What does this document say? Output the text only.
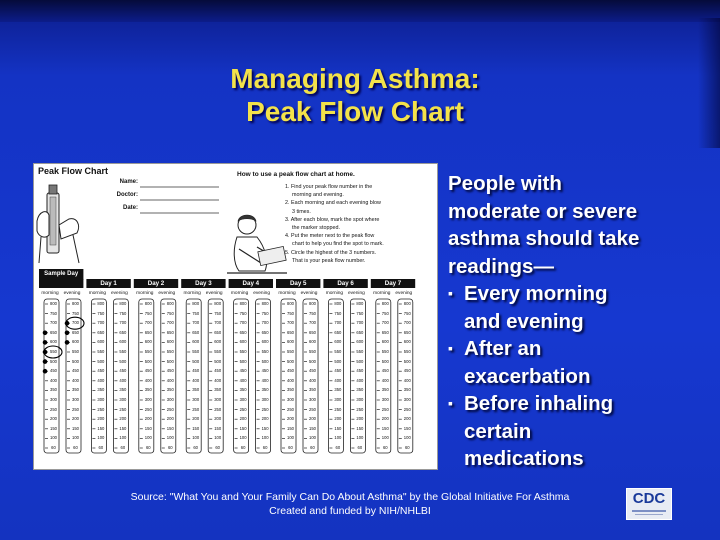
Managing Asthma:
Peak Flow Chart
Peak Flow Chart
Name:
Doctor:
Date:
How to use a peak flow chart at home.
1. Find your peak flow number in the
morning and evening.
2. Each morning and each evening blow
3 times.
3. After each blow, mark the spot where
the marker stopped.
4. Put the meter next to the peak flow
chart to help you find the spot to mark.
5. Circle the highest of the 3 numbers.
That is your peak flow number.
Sample Day
morning
800
750
700
650
600
550
500
450
400
350
300
250
200
150
100
60
evening
800
750
700
650
600
550
500
450
400
350
300
250
200
150
100
60
Day 1
morning
800
750
700
650
600
550
500
450
400
350
300
250
200
150
100
60
evening
800
750
700
650
600
550
500
450
400
350
300
250
200
150
100
60
Day 2
morning
800
750
700
650
600
550
500
450
400
350
300
250
200
150
100
60
evening
800
750
700
650
600
550
500
450
400
350
300
250
200
150
100
60
Day 3
morning
800
750
700
650
600
550
500
450
400
350
300
250
200
150
100
60
evening
800
750
700
650
600
550
500
450
400
350
300
250
200
150
100
60
Day 4
morning
800
750
700
650
600
550
500
450
400
350
300
250
200
150
100
60
evening
800
750
700
650
600
550
500
450
400
350
300
250
200
150
100
60
Day 5
morning
800
750
700
650
600
550
500
450
400
350
300
250
200
150
100
60
evening
800
750
700
650
600
550
500
450
400
350
300
250
200
150
100
60
Day 6
morning
800
750
700
650
600
550
500
450
400
350
300
250
200
150
100
60
evening
800
750
700
650
600
550
500
450
400
350
300
250
200
150
100
60
Day 7
morning
800
750
700
650
600
550
500
450
400
350
300
250
200
150
100
60
evening
800
750
700
650
600
550
500
450
400
350
300
250
200
150
100
60
People with
moderate or severe
asthma should take
readings—
▪ Every morning
and evening
▪ After an
exacerbation
▪ Before inhaling
certain
medications
Source: "What You and Your Family Can Do About Asthma" by the Global Initiative For Asthma
Created and funded by NIH/NHLBI
CDC
